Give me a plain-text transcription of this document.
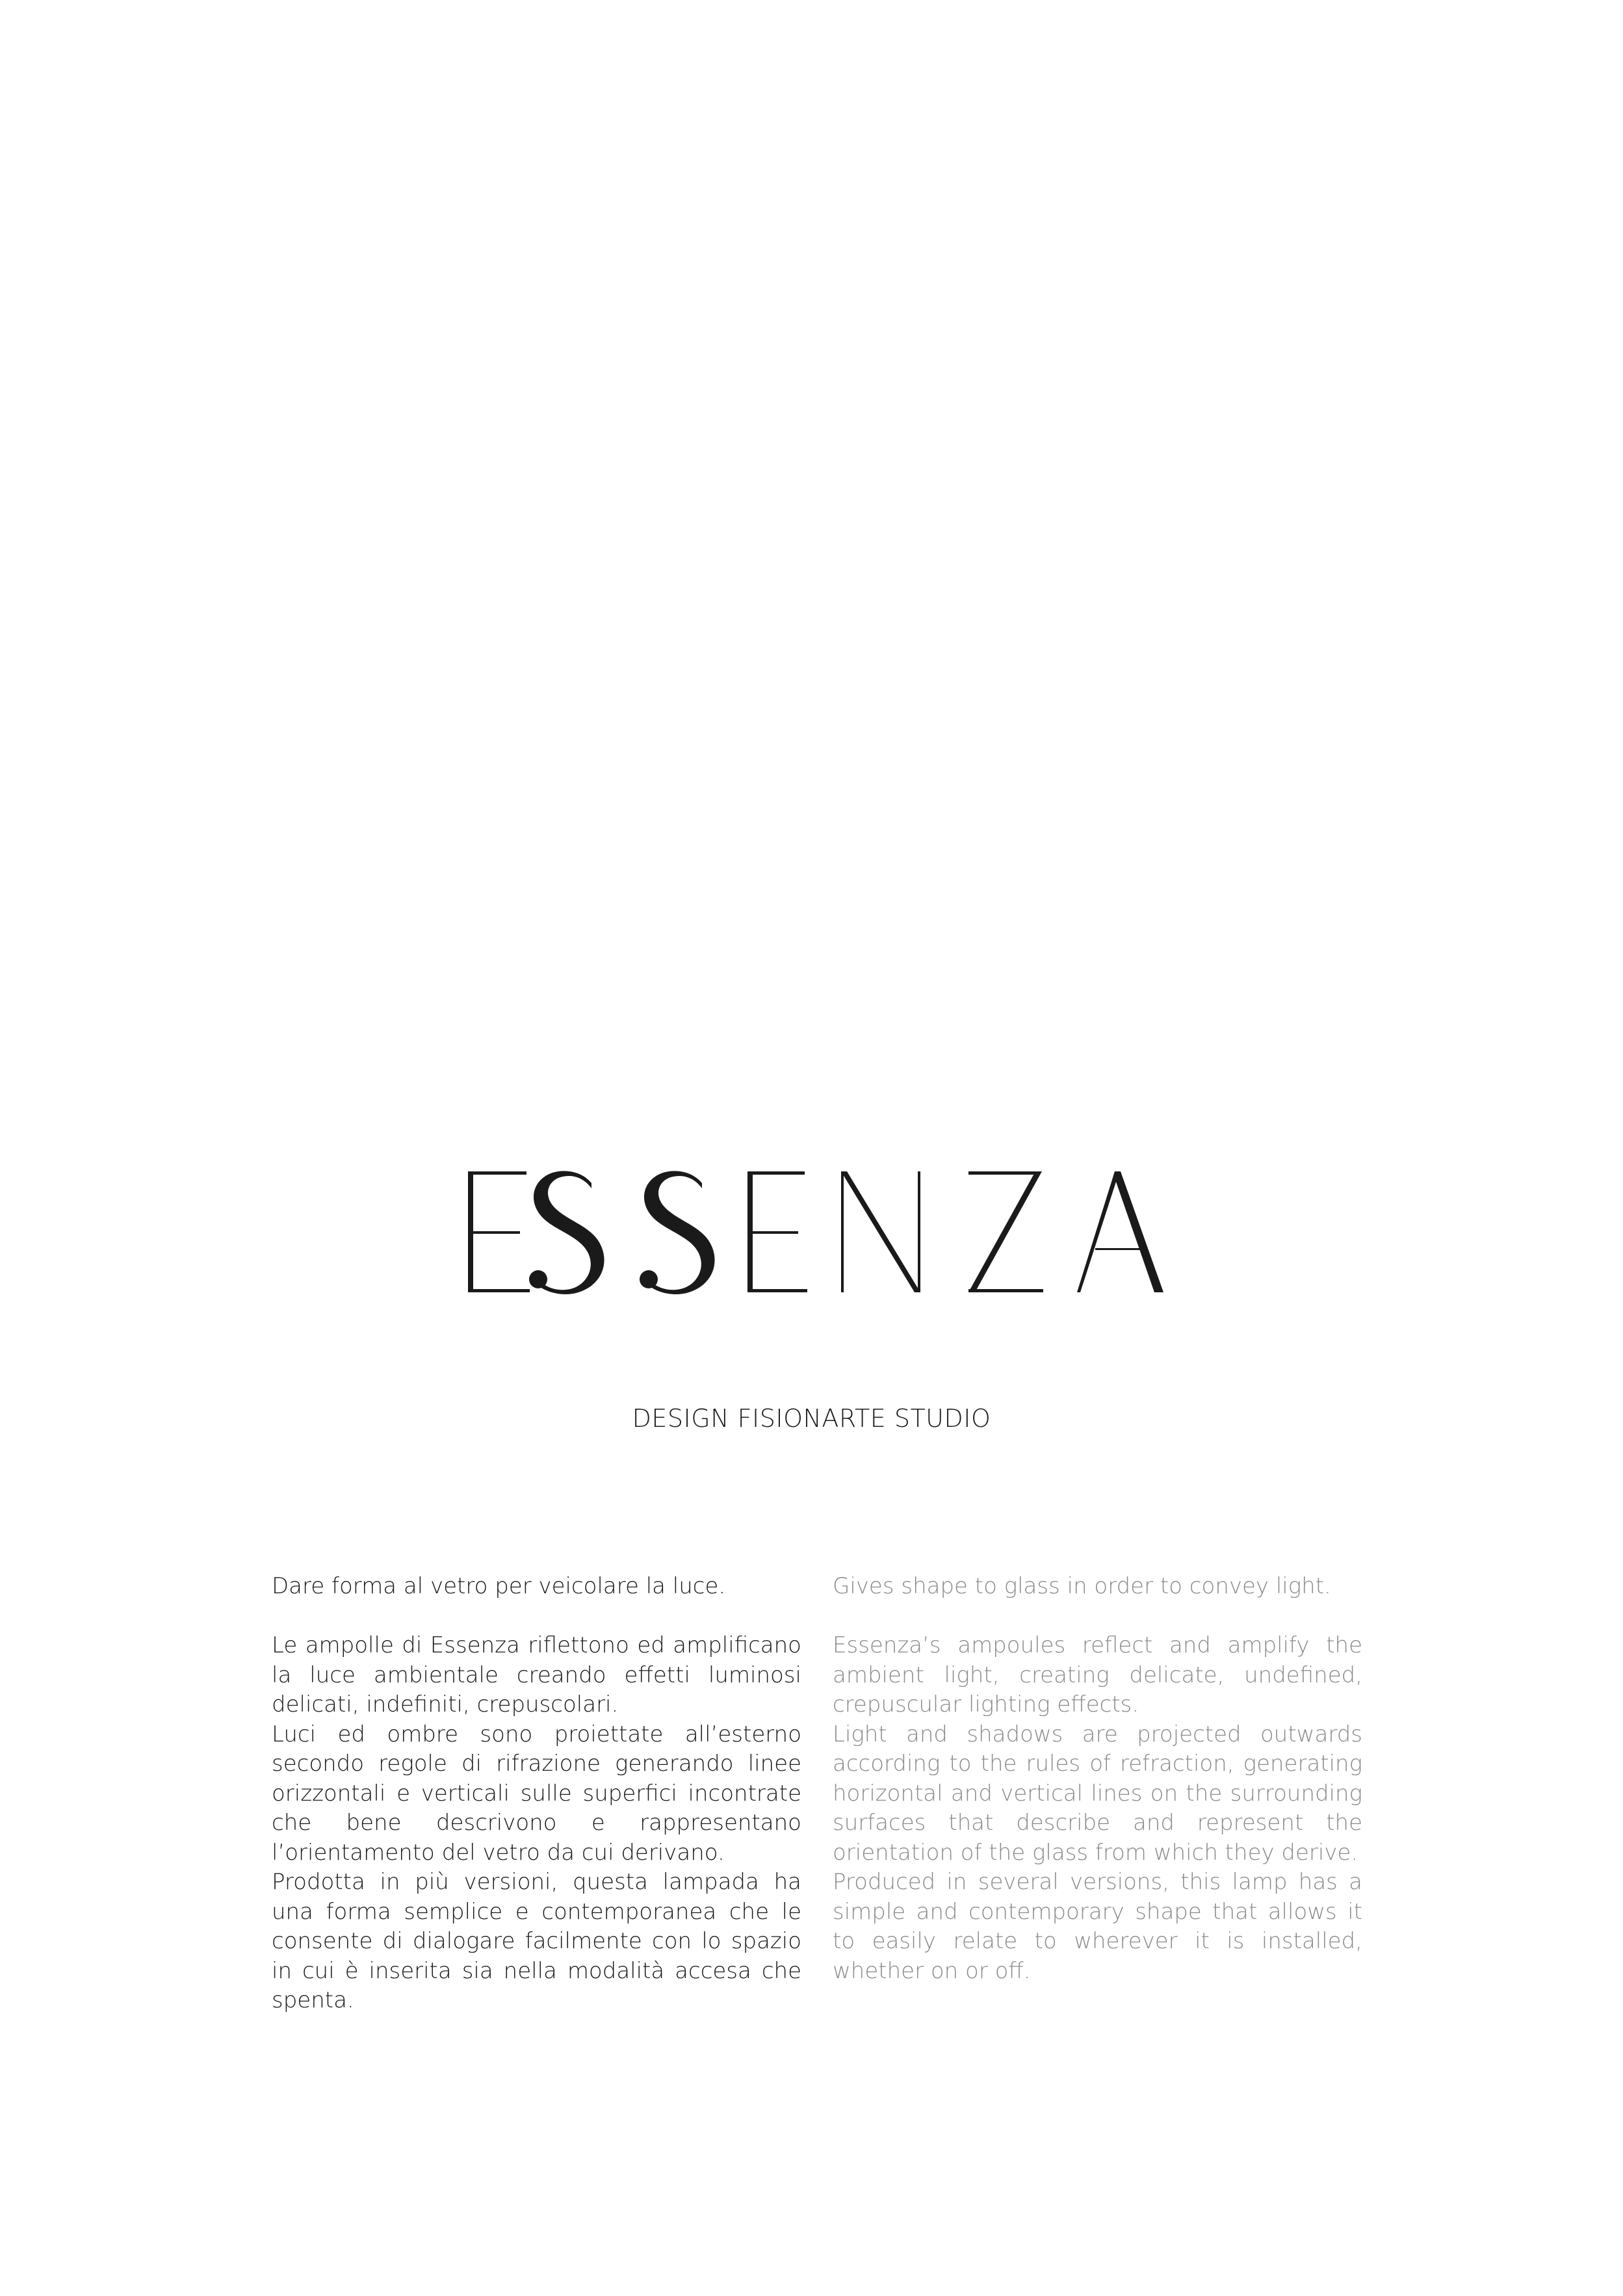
DESIGN FISIONARTE STUDIO

Dare forma al vetro per veicolare la luce.

Le ampolle di Essenza riflettono ed amplificano la luce ambientale creando effetti luminosi delicati, indefiniti, crepuscolari.

Luci ed ombre sono proiettate all’esterno secondo regole di rifrazione generando linee orizzontali e verticali sulle superfici incontrate che bene descrivono e rappresentano l’orientamento del vetro da cui derivano.

Prodotta in più versioni, questa lampada ha una forma semplice e contemporanea che le consente di dialogare facilmente con lo spazio in cui è inserita sia nella modalità accesa che spenta.

Gives shape to glass in order to convey light.

Essenza’s ampoules reflect and amplify the ambient light, creating delicate, undefined, crepuscular lighting effects.

Light and shadows are projected outwards according to the rules of refraction, generating horizontal and vertical lines on the surrounding surfaces that describe and represent the orientation of the glass from which they derive.

Produced in several versions, this lamp has a simple and contemporary shape that allows it to easily relate to wherever it is installed, whether on or off.
